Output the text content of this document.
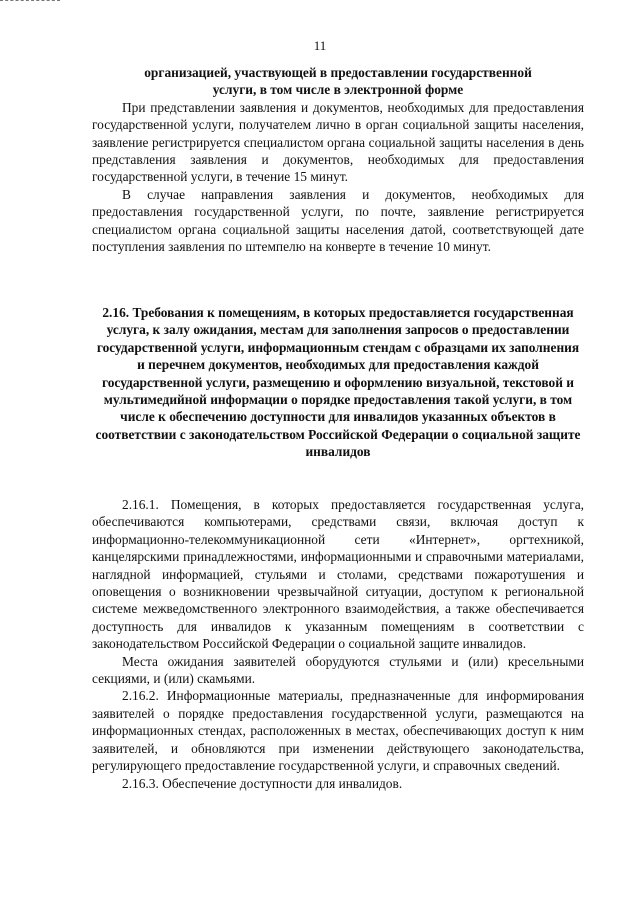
11

организацией, участвующей в предоставлении государственной

услуги, в том числе в электронной форме

При представлении заявления и документов, необходимых для предоставления государственной услуги, получателем лично в орган социальной защиты населения, заявление регистрируется специалистом органа социальной защиты населения в день представления заявления и документов, необходимых для предоставления государственной услуги, в течение 15 минут.

В случае направления заявления и документов, необходимых для предоставления государственной услуги, по почте, заявление регистрируется специалистом органа социальной защиты населения датой, соответствующей дате поступления заявления по штемпелю на конверте в течение 10 минут.

2.16. Требования к помещениям, в которых предоставляется государственная услуга, к залу ожидания, местам для заполнения запросов о предоставлении государственной услуги, информационным стендам с образцами их заполнения и перечнем документов, необходимых для предоставления каждой государственной услуги, размещению и оформлению визуальной, текстовой и мультимедийной информации о порядке предоставления такой услуги, в том числе к обеспечению доступности для инвалидов указанных объектов в соответствии с законодательством Российской Федерации о социальной защите инвалидов

2.16.1. Помещения, в которых предоставляется государственная услуга, обеспечиваются компьютерами, средствами связи, включая доступ к информационно-телекоммуникационной сети «Интернет», оргтехникой, канцелярскими принадлежностями, информационными и справочными материалами, наглядной информацией, стульями и столами, средствами пожаротушения и оповещения о возникновении чрезвычайной ситуации, доступом к региональной системе межведомственного электронного взаимодействия, а также обеспечивается доступность для инвалидов к указанным помещениям в соответствии с законодательством Российской Федерации о социальной защите инвалидов.

Места ожидания заявителей оборудуются стульями и (или) кресельными секциями, и (или) скамьями.

2.16.2. Информационные материалы, предназначенные для информирования заявителей о порядке предоставления государственной услуги, размещаются на информационных стендах, расположенных в местах, обеспечивающих доступ к ним заявителей, и обновляются при изменении действующего законодательства, регулирующего предоставление государственной услуги, и справочных сведений.

2.16.3. Обеспечение доступности для инвалидов.
